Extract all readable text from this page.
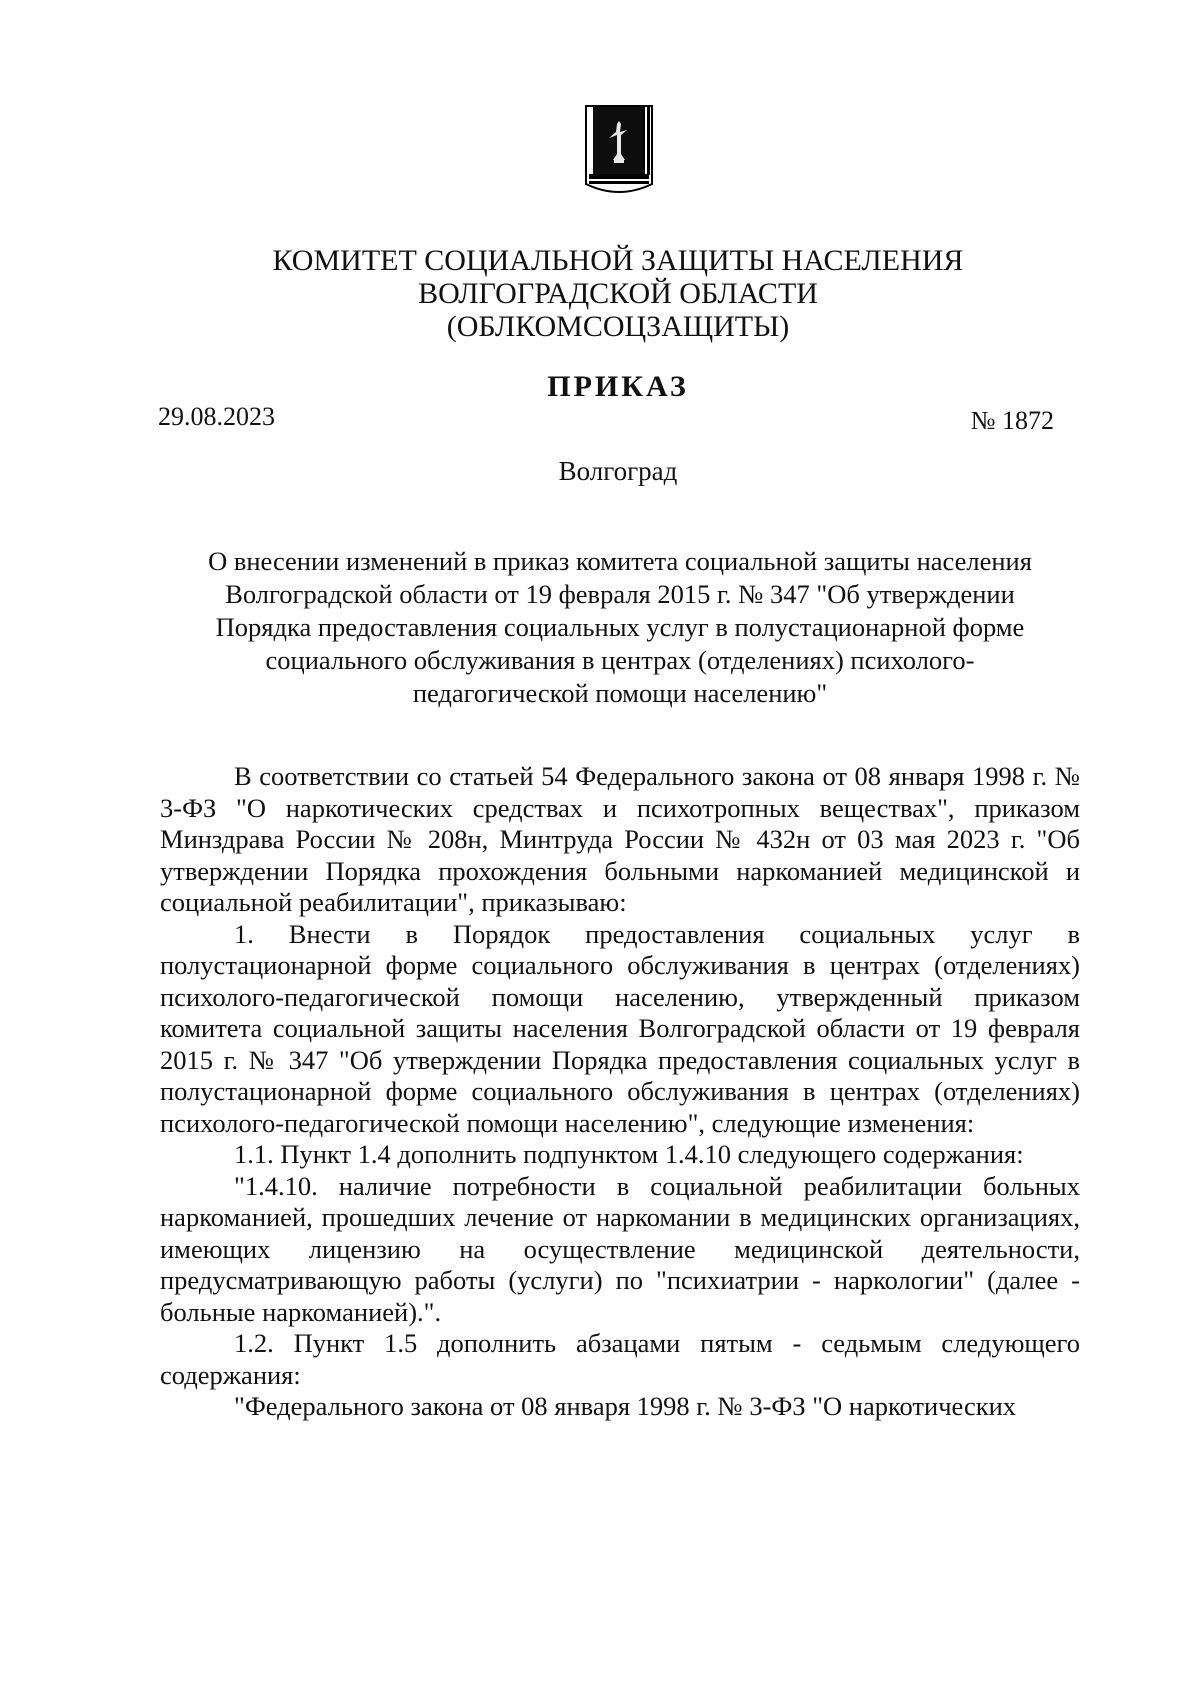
КОМИТЕТ СОЦИАЛЬНОЙ ЗАЩИТЫ НАСЕЛЕНИЯ
ВОЛГОГРАДСКОЙ ОБЛАСТИ
(ОБЛКОМСОЦЗАЩИТЫ)
ПРИКАЗ
29.08.2023	№ 1872
Волгоград
О внесении изменений в приказ комитета социальной защиты населения
Волгоградской области от 19 февраля 2015 г. № 347 "Об утверждении
Порядка предоставления социальных услуг в полустационарной форме
социального обслуживания в центрах (отделениях) психолого-
педагогической помощи населению"

В соответствии со статьей 54 Федерального закона от 08 января 1998 г. № 3-ФЗ "О наркотических средствах и психотропных веществах", приказом Минздрава России № 208н, Минтруда России № 432н от 03 мая 2023 г. "Об утверждении Порядка прохождения больными наркоманией медицинской и социальной реабилитации", приказываю:

1. Внести в Порядок предоставления социальных услуг в полустационарной форме социального обслуживания в центрах (отделениях) психолого-педагогической помощи населению, утвержденный приказом комитета социальной защиты населения Волгоградской области от 19 февраля 2015 г. № 347 "Об утверждении Порядка предоставления социальных услуг в полустационарной форме социального обслуживания в центрах (отделениях) психолого-педагогической помощи населению", следующие изменения:

1.1. Пункт 1.4 дополнить подпунктом 1.4.10 следующего содержания:

"1.4.10. наличие потребности в социальной реабилитации больных наркоманией, прошедших лечение от наркомании в медицинских организациях, имеющих лицензию на осуществление медицинской деятельности, предусматривающую работы (услуги) по "психиатрии - наркологии" (далее - больные наркоманией).".

1.2. Пункт 1.5 дополнить абзацами пятым - седьмым следующего содержания:

"Федерального закона от 08 января 1998 г. № 3-ФЗ "О наркотических
